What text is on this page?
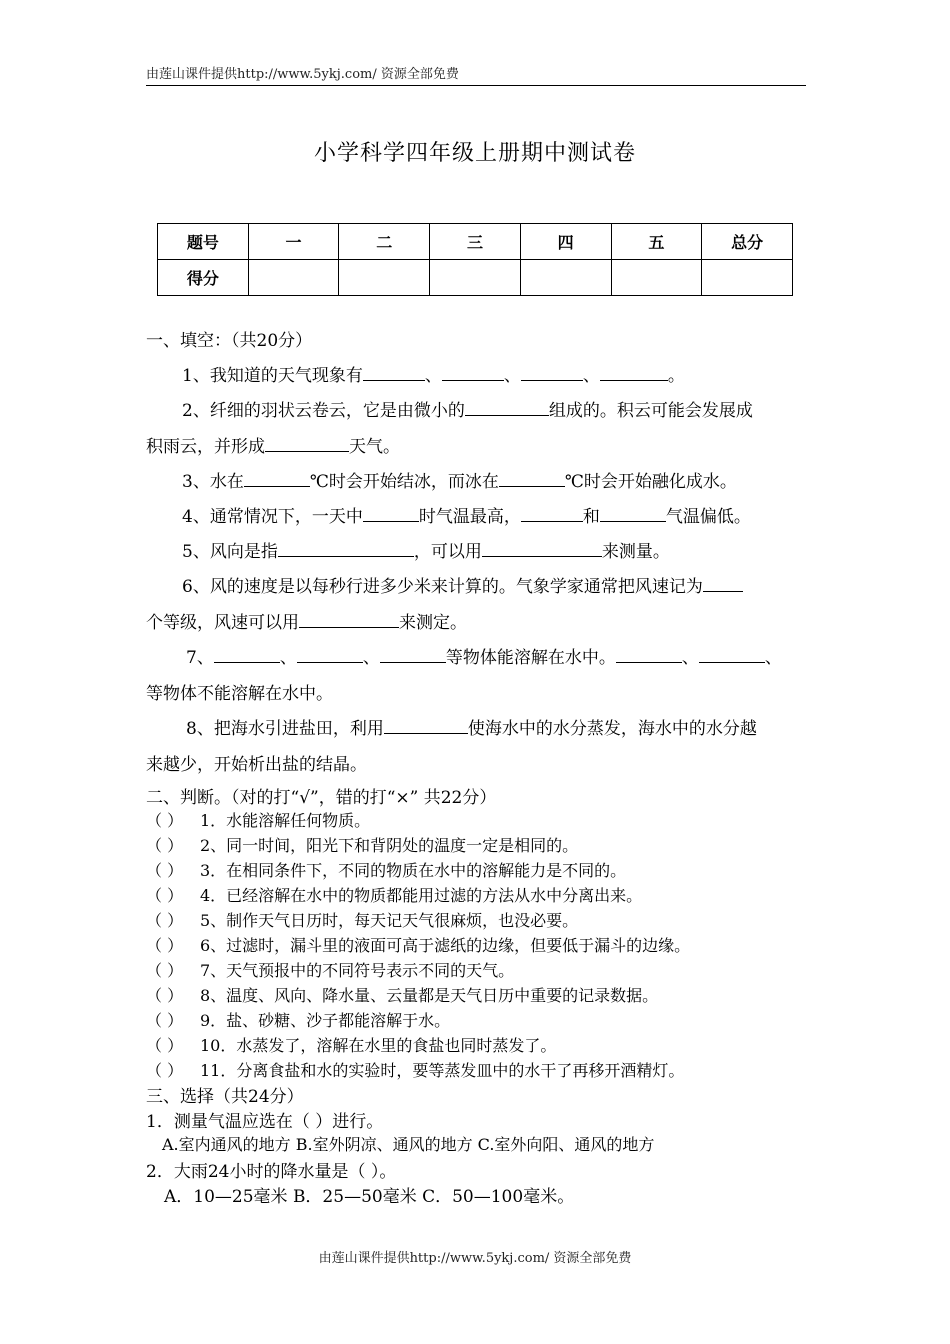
由莲山课件提供http://www.5ykj.com/ 资源全部免费
小学科学四年级上册期中测试卷
题号	一	二	三	四	五	总分
得分						
一、填空：（共20分）
1、我知道的天气现象有	、	、	、	。
2、纤细的羽状云卷云，它是由微小的	组成的。积云可能会发展成
积雨云，并形成	天气。
3、水在	℃时会开始结冰，而冰在	℃时会开始融化成水。
4、通常情况下，一天中	时气温最高，	和	气温偏低。
5、风向是指	，可以用	来测量。
6、风的速度是以每秒行进多少米来计算的。气象学家通常把风速记为
个等级，风速可以用	来测定。
7、	、	、	等物体能溶解在水中。	、	、
等物体不能溶解在水中。
8、把海水引进盐田，利用	使海水中的水分蒸发，海水中的水分越
来越少，开始析出盐的结晶。
二、判断。（对的打“√”，错的打“×” 共22分）
（ ） 1．水能溶解任何物质。
（ ） 2、同一时间，阳光下和背阴处的温度一定是相同的。
（ ） 3．在相同条件下，不同的物质在水中的溶解能力是不同的。
（ ） 4．已经溶解在水中的物质都能用过滤的方法从水中分离出来。
（ ） 5、制作天气日历时，每天记天气很麻烦，也没必要。
（ ） 6、过滤时，漏斗里的液面可高于滤纸的边缘，但要低于漏斗的边缘。
（ ） 7、天气预报中的不同符号表示不同的天气。
（ ） 8、温度、风向、降水量、云量都是天气日历中重要的记录数据。
（ ） 9．盐、砂糖、沙子都能溶解于水。
（ ） 10．水蒸发了，溶解在水里的食盐也同时蒸发了。
（ ） 11．分离食盐和水的实验时，要等蒸发皿中的水干了再移开酒精灯。
三、选择（共24分）
1．测量气温应选在（ ）进行。
A.室内通风的地方 B.室外阴凉、通风的地方 C.室外向阳、通风的地方
2．大雨24小时的降水量是（ ）。
A．10—25毫米 B．25—50毫米 C．50—100毫米。
由莲山课件提供http://www.5ykj.com/ 资源全部免费
